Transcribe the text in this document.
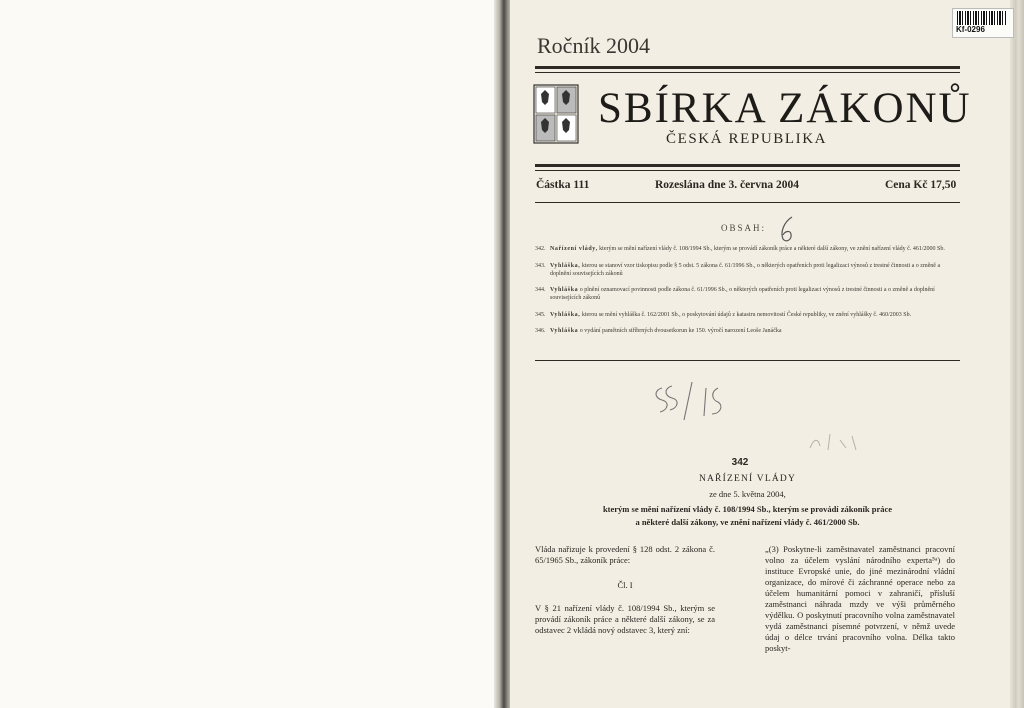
Kf-0296
Ročník 2004
SBÍRKA ZÁKONŮ
ČESKÁ REPUBLIKA
Částka 111	Rozeslána dne 3. června 2004	Cena Kč 17,50
OBSAH:
342. Nařízení vlády, kterým se mění nařízení vlády č. 108/1994 Sb., kterým se provádí zákoník práce a některé další zákony, ve znění nařízení vlády č. 461/2000 Sb.
343. Vyhláška, kterou se stanoví vzor tiskopisu podle § 5 odst. 5 zákona č. 61/1996 Sb., o některých opatřeních proti legalizaci výnosů z trestné činnosti a o změně a doplnění souvisejících zákonů
344. Vyhláška o plnění oznamovací povinnosti podle zákona č. 61/1996 Sb., o některých opatřeních proti legalizaci výnosů z trestné činnosti a o změně a doplnění souvisejících zákonů
345. Vyhláška, kterou se mění vyhláška č. 162/2001 Sb., o poskytování údajů z katastru nemovitostí České republiky, ve znění vyhlášky č. 460/2003 Sb.
346. Vyhláška o vydání pamětních stříbrných dvousetkorun ke 150. výročí narození Leoše Janáčka
342
NAŘÍZENÍ VLÁDY
ze dne 5. května 2004,
kterým se mění nařízení vlády č. 108/1994 Sb., kterým se provádí zákoník práce
a některé další zákony, ve znění nařízení vlády č. 461/2000 Sb.
Vláda nařizuje k provedení § 128 odst. 2 zákona č. 65/1965 Sb., zákoník práce:
Čl. I
V § 21 nařízení vlády č. 108/1994 Sb., kterým se provádí zákoník práce a některé další zákony, se za odstavec 2 vkládá nový odstavec 3, který zní:
„(3) Poskytne-li zaměstnavatel zaměstnanci pracovní volno za účelem vyslání národního experta⁵ᵃ) do instituce Evropské unie, do jiné mezinárodní vládní organizace, do mírové či záchranné operace nebo za účelem humanitární pomoci v zahraničí, přísluší zaměstnanci náhrada mzdy ve výši průměrného výdělku. O poskytnutí pracovního volna zaměstnavatel vydá zaměstnanci písemné potvrzení, v němž uvede údaj o délce trvání pracovního volna. Délka takto poskyt-
